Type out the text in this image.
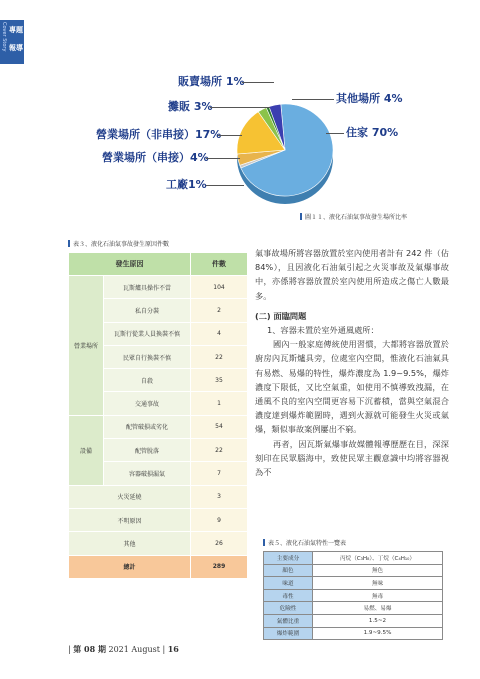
Cover Story 專題
報導
販賣場所 1%
攤販 3%
營業場所（非串接）17%
營業場所（串接）4%
工廠1%
其他場所 4%
住家 70%
圖１１、液化石油氣事故發生場所比率
表３、液化石油氣事故發生原因件數
發生原因		件數
營業場所	瓦斯爐具操作不當	104
	私自分裝	2
	瓦斯行從業人員換裝不慎	4
	民眾自行換裝不慎	22
	自殺	35
	交通事故	1
設備	配管破損或劣化	54
	配管脫落	22
	容器破損漏氣	7
火災延燒		3
不明原因		9
其他		26
總計		289

氣事故場所將容器放置於室內使用者計有 242 件（佔 84%），且因液化石油氣引起之火災事故及氣爆事故中，亦係將容器放置於室內使用所造成之傷亡人數最多。

(二) 面臨問題

1、容器未置於室外通風處所：

國內一般家庭傳統使用習慣，大都將容器放置於廚房內瓦斯爐具旁，位處室內空間，惟液化石油氣具有易燃、易爆的特性，爆炸濃度為 1.9~9.5%，爆炸濃度下限低，又比空氣重，如使用不慎導致洩漏，在通風不良的室內空間更容易下沉蓄積，當與空氣混合濃度達到爆炸範圍時，遇到火源就可能發生火災或氣爆，類似事故案例屢出不窮。

再者，因瓦斯氣爆事故媒體報導歷歷在目，深深刻印在民眾腦海中，致使民眾主觀意識中均將容器視為不

表５、液化石油氣特性一覽表
主要成分	丙烷（C₃H₈）、丁烷（C₄H₁₀）
顏色	無色
味道	無味
毒性	無毒
危險性	易燃、易爆
氣體比重	1.5~2
爆炸範圍	1.9~9.5%
| 第 08 期 2021 August | 16
